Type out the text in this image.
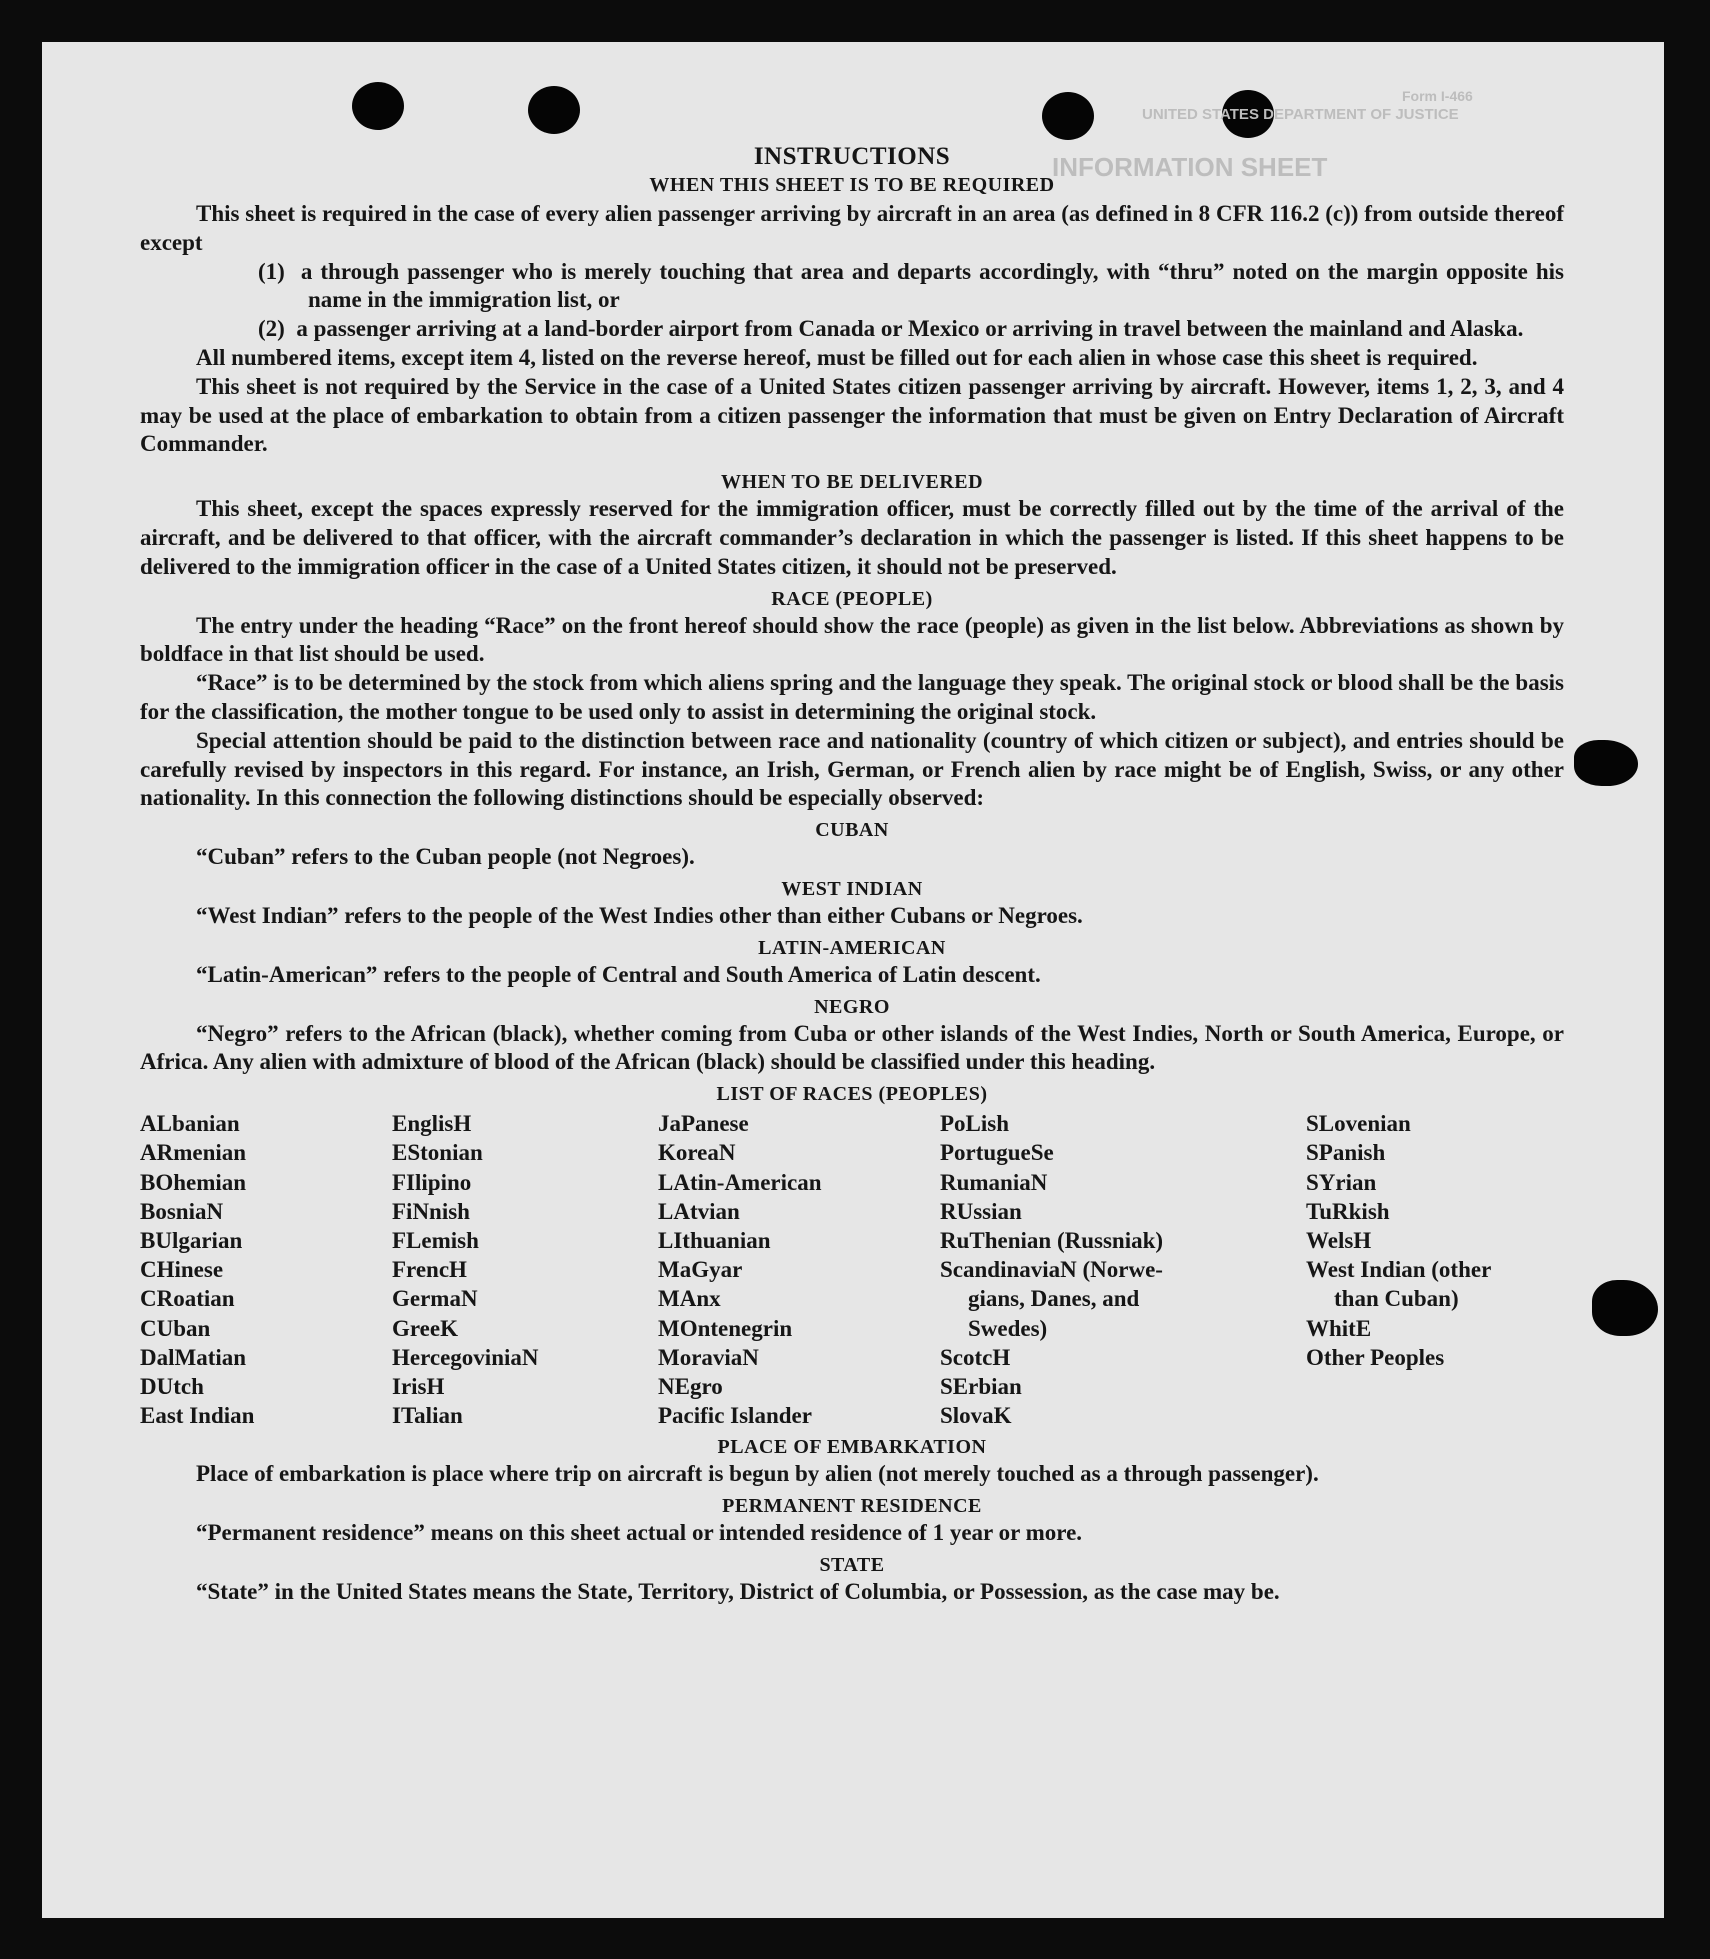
Form I-466
UNITED STATES DEPARTMENT OF JUSTICE
INFORMATION SHEET
INSTRUCTIONS
WHEN THIS SHEET IS TO BE REQUIRED

This sheet is required in the case of every alien passenger arriving by aircraft in an area (as defined in 8 CFR 116.2 (c)) from outside thereof except

(1) a through passenger who is merely touching that area and departs accordingly, with “thru” noted on the margin opposite his name in the immigration list, or

(2) a passenger arriving at a land-border airport from Canada or Mexico or arriving in travel between the mainland and Alaska.

All numbered items, except item 4, listed on the reverse hereof, must be filled out for each alien in whose case this sheet is required.

This sheet is not required by the Service in the case of a United States citizen passenger arriving by aircraft. However, items 1, 2, 3, and 4 may be used at the place of embarkation to obtain from a citizen passenger the information that must be given on Entry Declaration of Aircraft Commander.

WHEN TO BE DELIVERED

This sheet, except the spaces expressly reserved for the immigration officer, must be correctly filled out by the time of the arrival of the aircraft, and be delivered to that officer, with the aircraft commander’s declaration in which the passenger is listed. If this sheet happens to be delivered to the immigration officer in the case of a United States citizen, it should not be preserved.

RACE (PEOPLE)

The entry under the heading “Race” on the front hereof should show the race (people) as given in the list below. Abbreviations as shown by boldface in that list should be used.

“Race” is to be determined by the stock from which aliens spring and the language they speak. The original stock or blood shall be the basis for the classification, the mother tongue to be used only to assist in determining the original stock.

Special attention should be paid to the distinction between race and nationality (country of which citizen or subject), and entries should be carefully revised by inspectors in this regard. For instance, an Irish, German, or French alien by race might be of English, Swiss, or any other nationality. In this connection the following distinctions should be especially observed:

CUBAN

“Cuban” refers to the Cuban people (not Negroes).

WEST INDIAN

“West Indian” refers to the people of the West Indies other than either Cubans or Negroes.

LATIN-AMERICAN

“Latin-American” refers to the people of Central and South America of Latin descent.

NEGRO

“Negro” refers to the African (black), whether coming from Cuba or other islands of the West Indies, North or South America, Europe, or Africa. Any alien with admixture of blood of the African (black) should be classified under this heading.

LIST OF RACES (PEOPLES)
ALbanian
ARmenian
BOhemian
BosniaN
BUlgarian
CHinese
CRoatian
CUban
DalMatian
DUtch
East Indian
EnglisH
EStonian
FIlipino
FiNnish
FLemish
FrencH
GermaN
GreeK
HercegoviniaN
IrisH
ITalian
JaPanese
KoreaN
LAtin-American
LAtvian
LIthuanian
MaGyar
MAnx
MOntenegrin
MoraviaN
NEgro
Pacific Islander
PoLish
PortugueSe
RumaniaN
RUssian
RuThenian (Russniak)
ScandinaviaN (Norwe-
gians, Danes, and
Swedes)
ScotcH
SErbian
SlovaK
SLovenian
SPanish
SYrian
TuRkish
WelsH
West Indian (other
than Cuban)
WhitE
Other Peoples
PLACE OF EMBARKATION

Place of embarkation is place where trip on aircraft is begun by alien (not merely touched as a through passenger).

PERMANENT RESIDENCE

“Permanent residence” means on this sheet actual or intended residence of 1 year or more.

STATE

“State” in the United States means the State, Territory, District of Columbia, or Possession, as the case may be.
